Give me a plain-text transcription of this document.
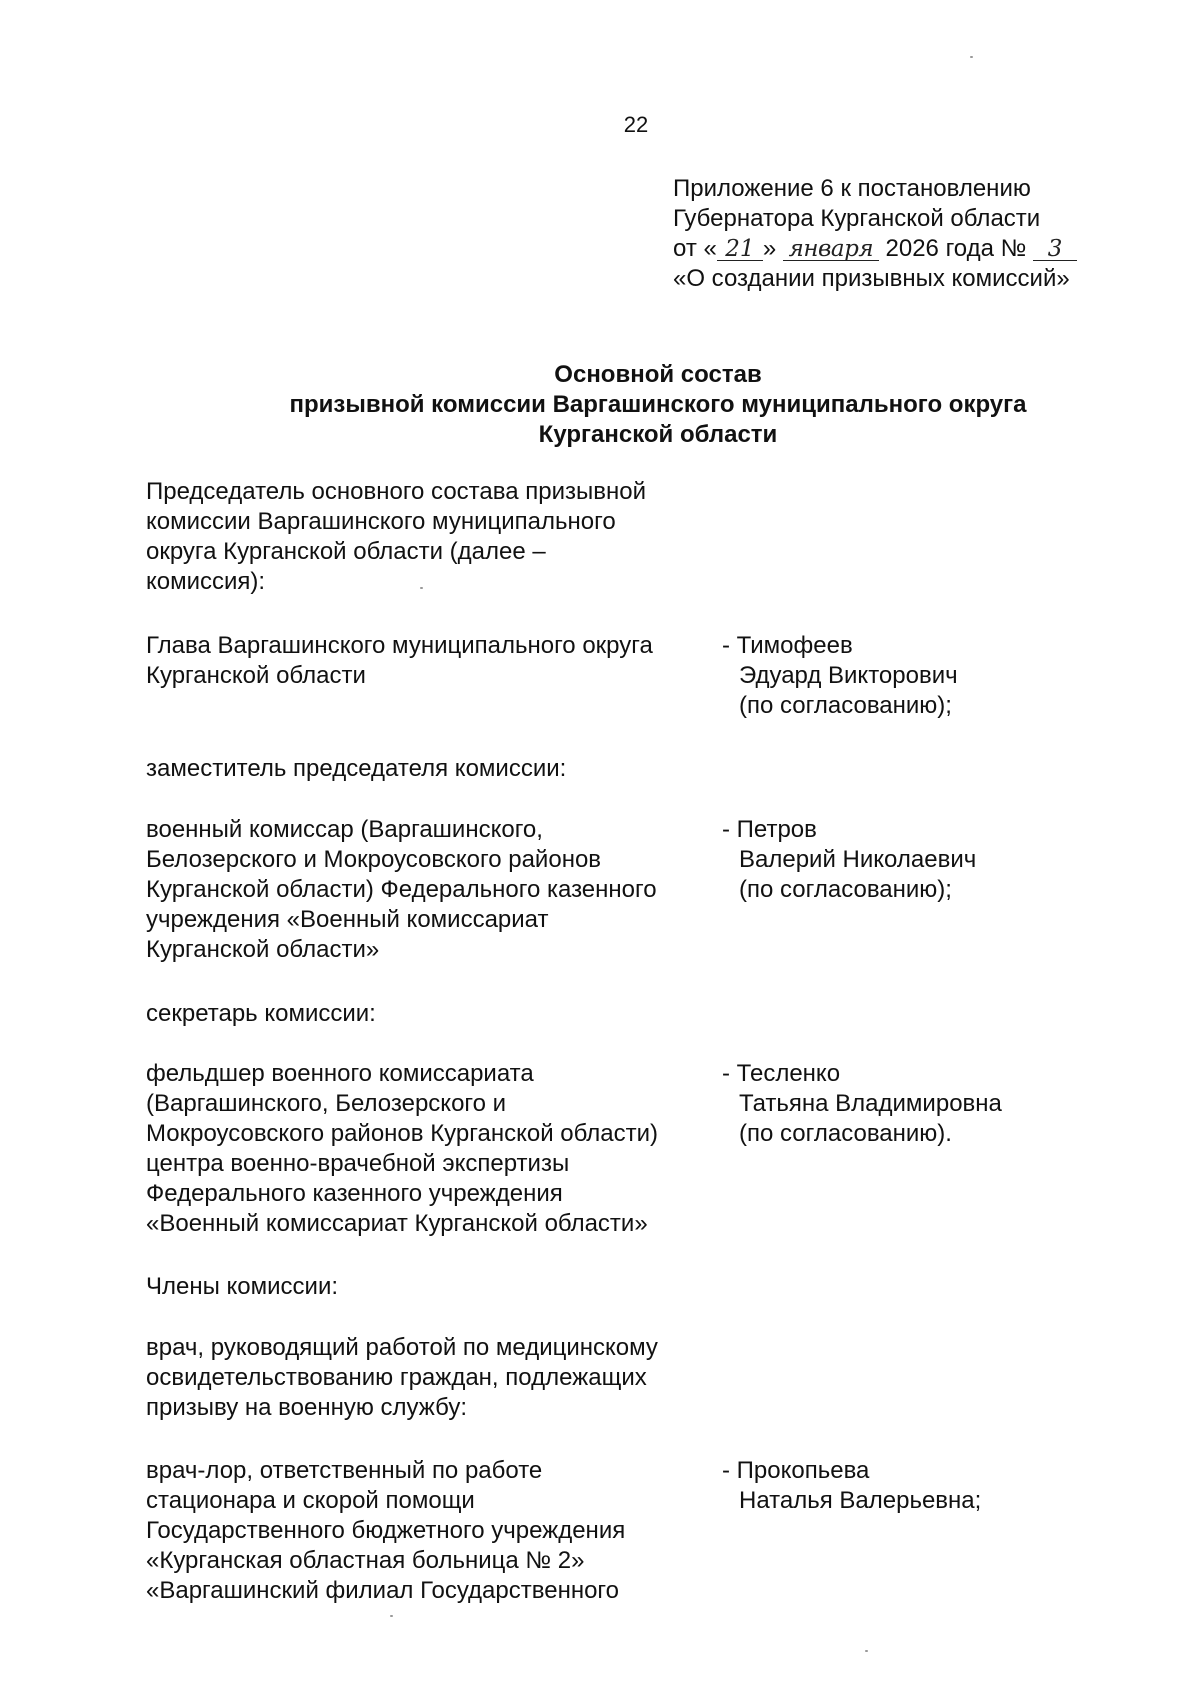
22
Приложение 6 к постановлению
Губернатора Курганской области
от « 21 » января 2026 года № 3
«О создании призывных комиссий»
Основной состав
призывной комиссии Варгашинского муниципального округа
Курганской области
Председатель основного состава призывной
комиссии Варгашинского муниципального
округа Курганской области (далее –
комиссия):
Глава Варгашинского муниципального округа
Курганской области
- Тимофеев
Эдуард Викторович
(по согласованию);
заместитель председателя комиссии:
военный комиссар (Варгашинского,
Белозерского и Мокроусовского районов
Курганской области) Федерального казенного
учреждения «Военный комиссариат
Курганской области»
- Петров
Валерий Николаевич
(по согласованию);
секретарь комиссии:
фельдшер военного комиссариата
(Варгашинского, Белозерского и
Мокроусовского районов Курганской области)
центра военно-врачебной экспертизы
Федерального казенного учреждения
«Военный комиссариат Курганской области»
- Тесленко
Татьяна Владимировна
(по согласованию).
Члены комиссии:
врач, руководящий работой по медицинскому
освидетельствованию граждан, подлежащих
призыву на военную службу:
врач-лор, ответственный по работе
стационара и скорой помощи
Государственного бюджетного учреждения
«Курганская областная больница № 2»
«Варгашинский филиал Государственного
- Прокопьева
Наталья Валерьевна;
